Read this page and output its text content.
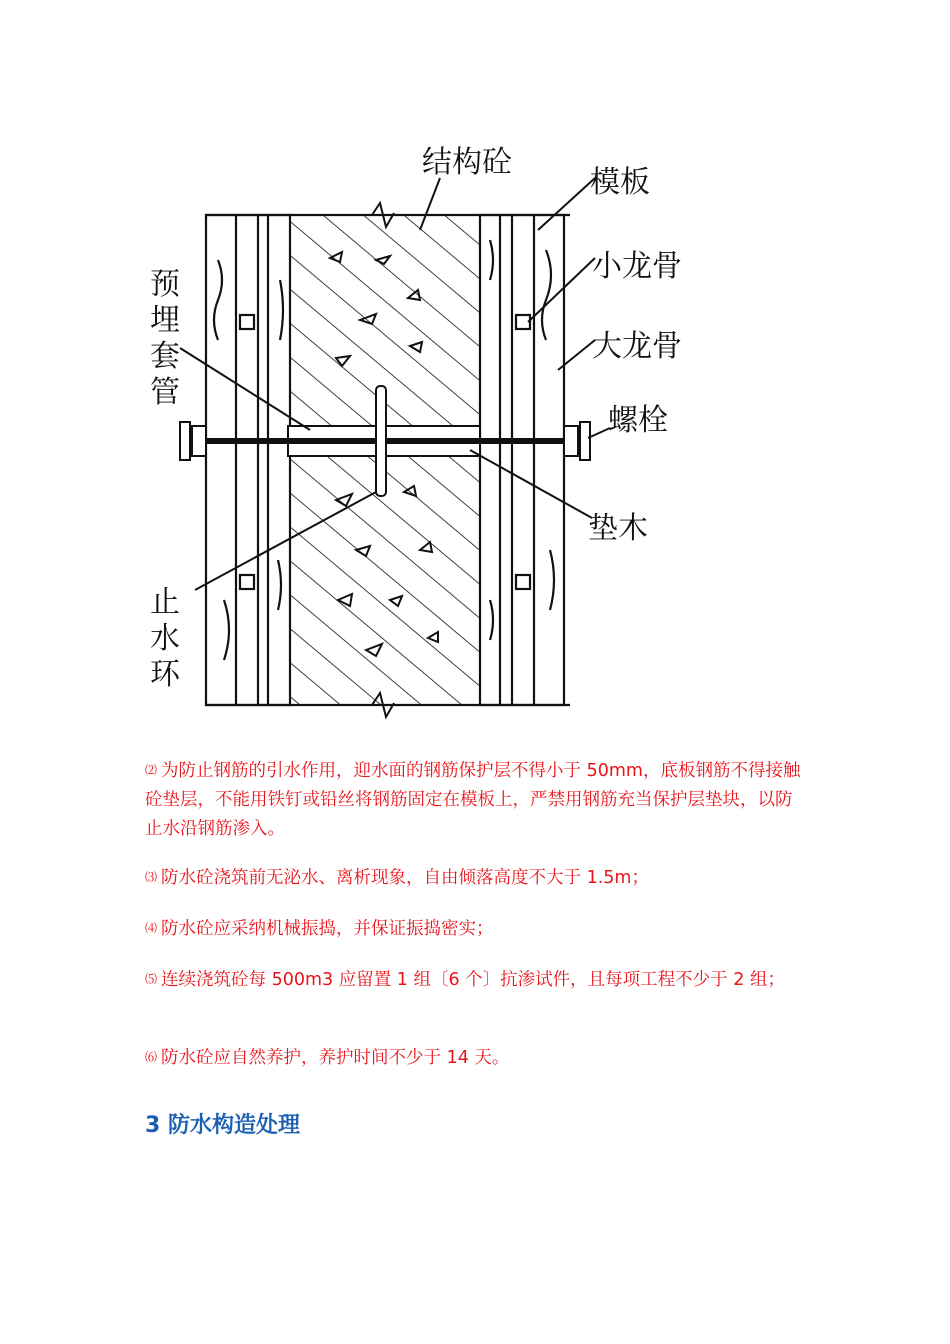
结构砼
模板
小龙骨
大龙骨
螺栓
垫木
预
埋
套
管
止
水
环

⑵ 为防止钢筋的引水作用，迎水面的钢筋保护层不得小于 50mm，底板钢筋不得接触砼垫层，不能用铁钉或铅丝将钢筋固定在模板上，严禁用钢筋充当保护层垫块，以防止水沿钢筋渗入。

⑶ 防水砼浇筑前无泌水、离析现象，自由倾落高度不大于 1.5m；

⑷ 防水砼应采纳机械振捣，并保证振捣密实；

⑸ 连续浇筑砼每 500m3 应留置 1 组〔6 个〕抗渗试件，且每项工程不少于 2 组；

⑹ 防水砼应自然养护，养护时间不少于 14 天。

3 防水构造处理
